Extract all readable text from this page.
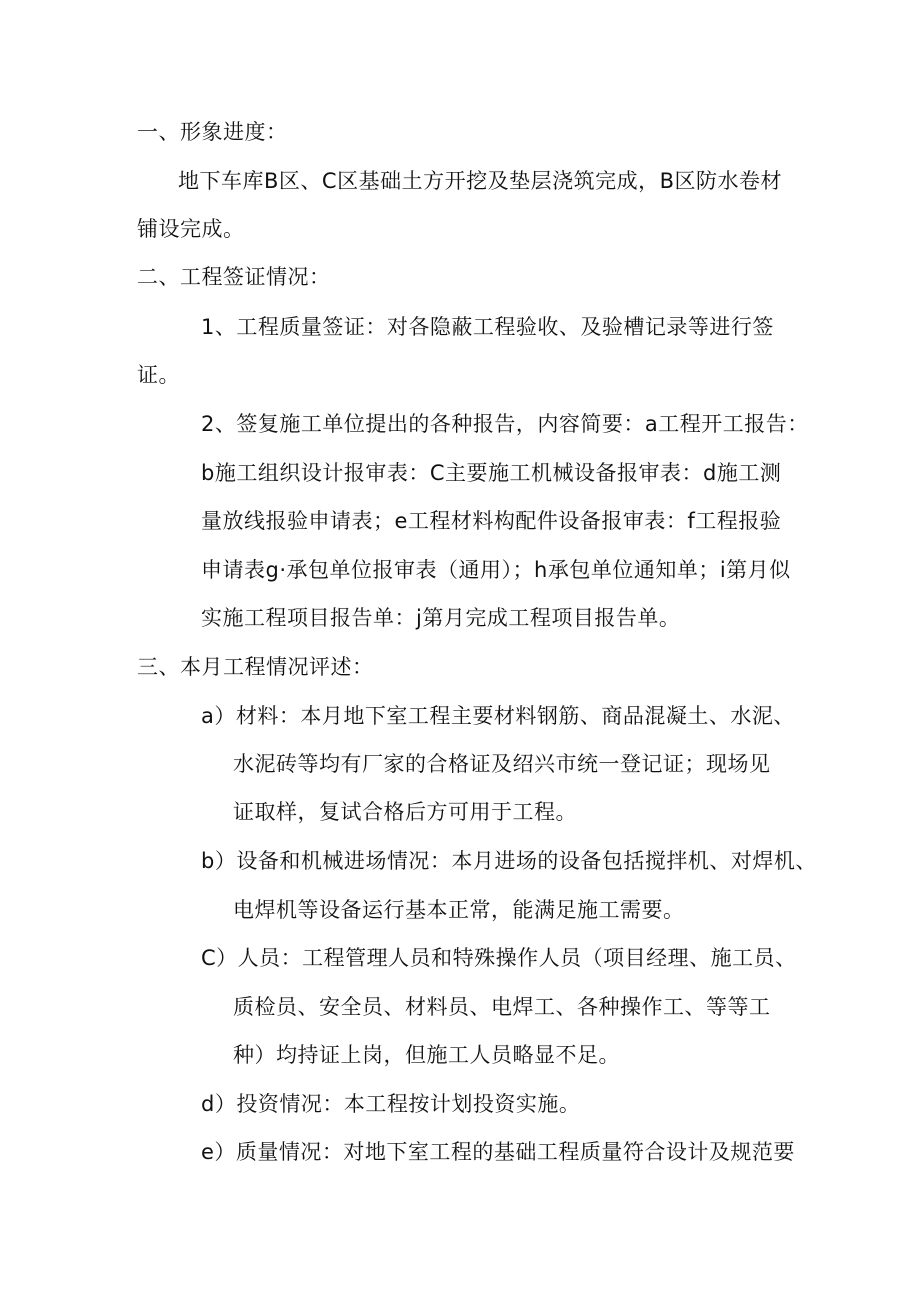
一、形象进度：
地下车库B区、C区基础土方开挖及垫层浇筑完成，B区防水卷材
铺设完成。
二、工程签证情况：
1、工程质量签证：对各隐蔽工程验收、及验槽记录等进行签
证。
2、签复施工单位提出的各种报告，内容简要：a工程开工报告：
b施工组织设计报审表：C主要施工机械设备报审表：d施工测
量放线报验申请表；e工程材料构配件设备报审表：f工程报验
申请表g·承包单位报审表（通用）；h承包单位通知单；i第月似
实施工程项目报告单：j第月完成工程项目报告单。
三、本月工程情况评述：
a）材料：本月地下室工程主要材料钢筋、商品混凝土、水泥、
水泥砖等均有厂家的合格证及绍兴市统一登记证；现场见
证取样，复试合格后方可用于工程。
b）设备和机械进场情况：本月进场的设备包括搅拌机、对焊机、
电焊机等设备运行基本正常，能满足施工需要。
C）人员：工程管理人员和特殊操作人员（项目经理、施工员、
质检员、安全员、材料员、电焊工、各种操作工、等等工
种）均持证上岗，但施工人员略显不足。
d）投资情况：本工程按计划投资实施。
e）质量情况：对地下室工程的基础工程质量符合设计及规范要
